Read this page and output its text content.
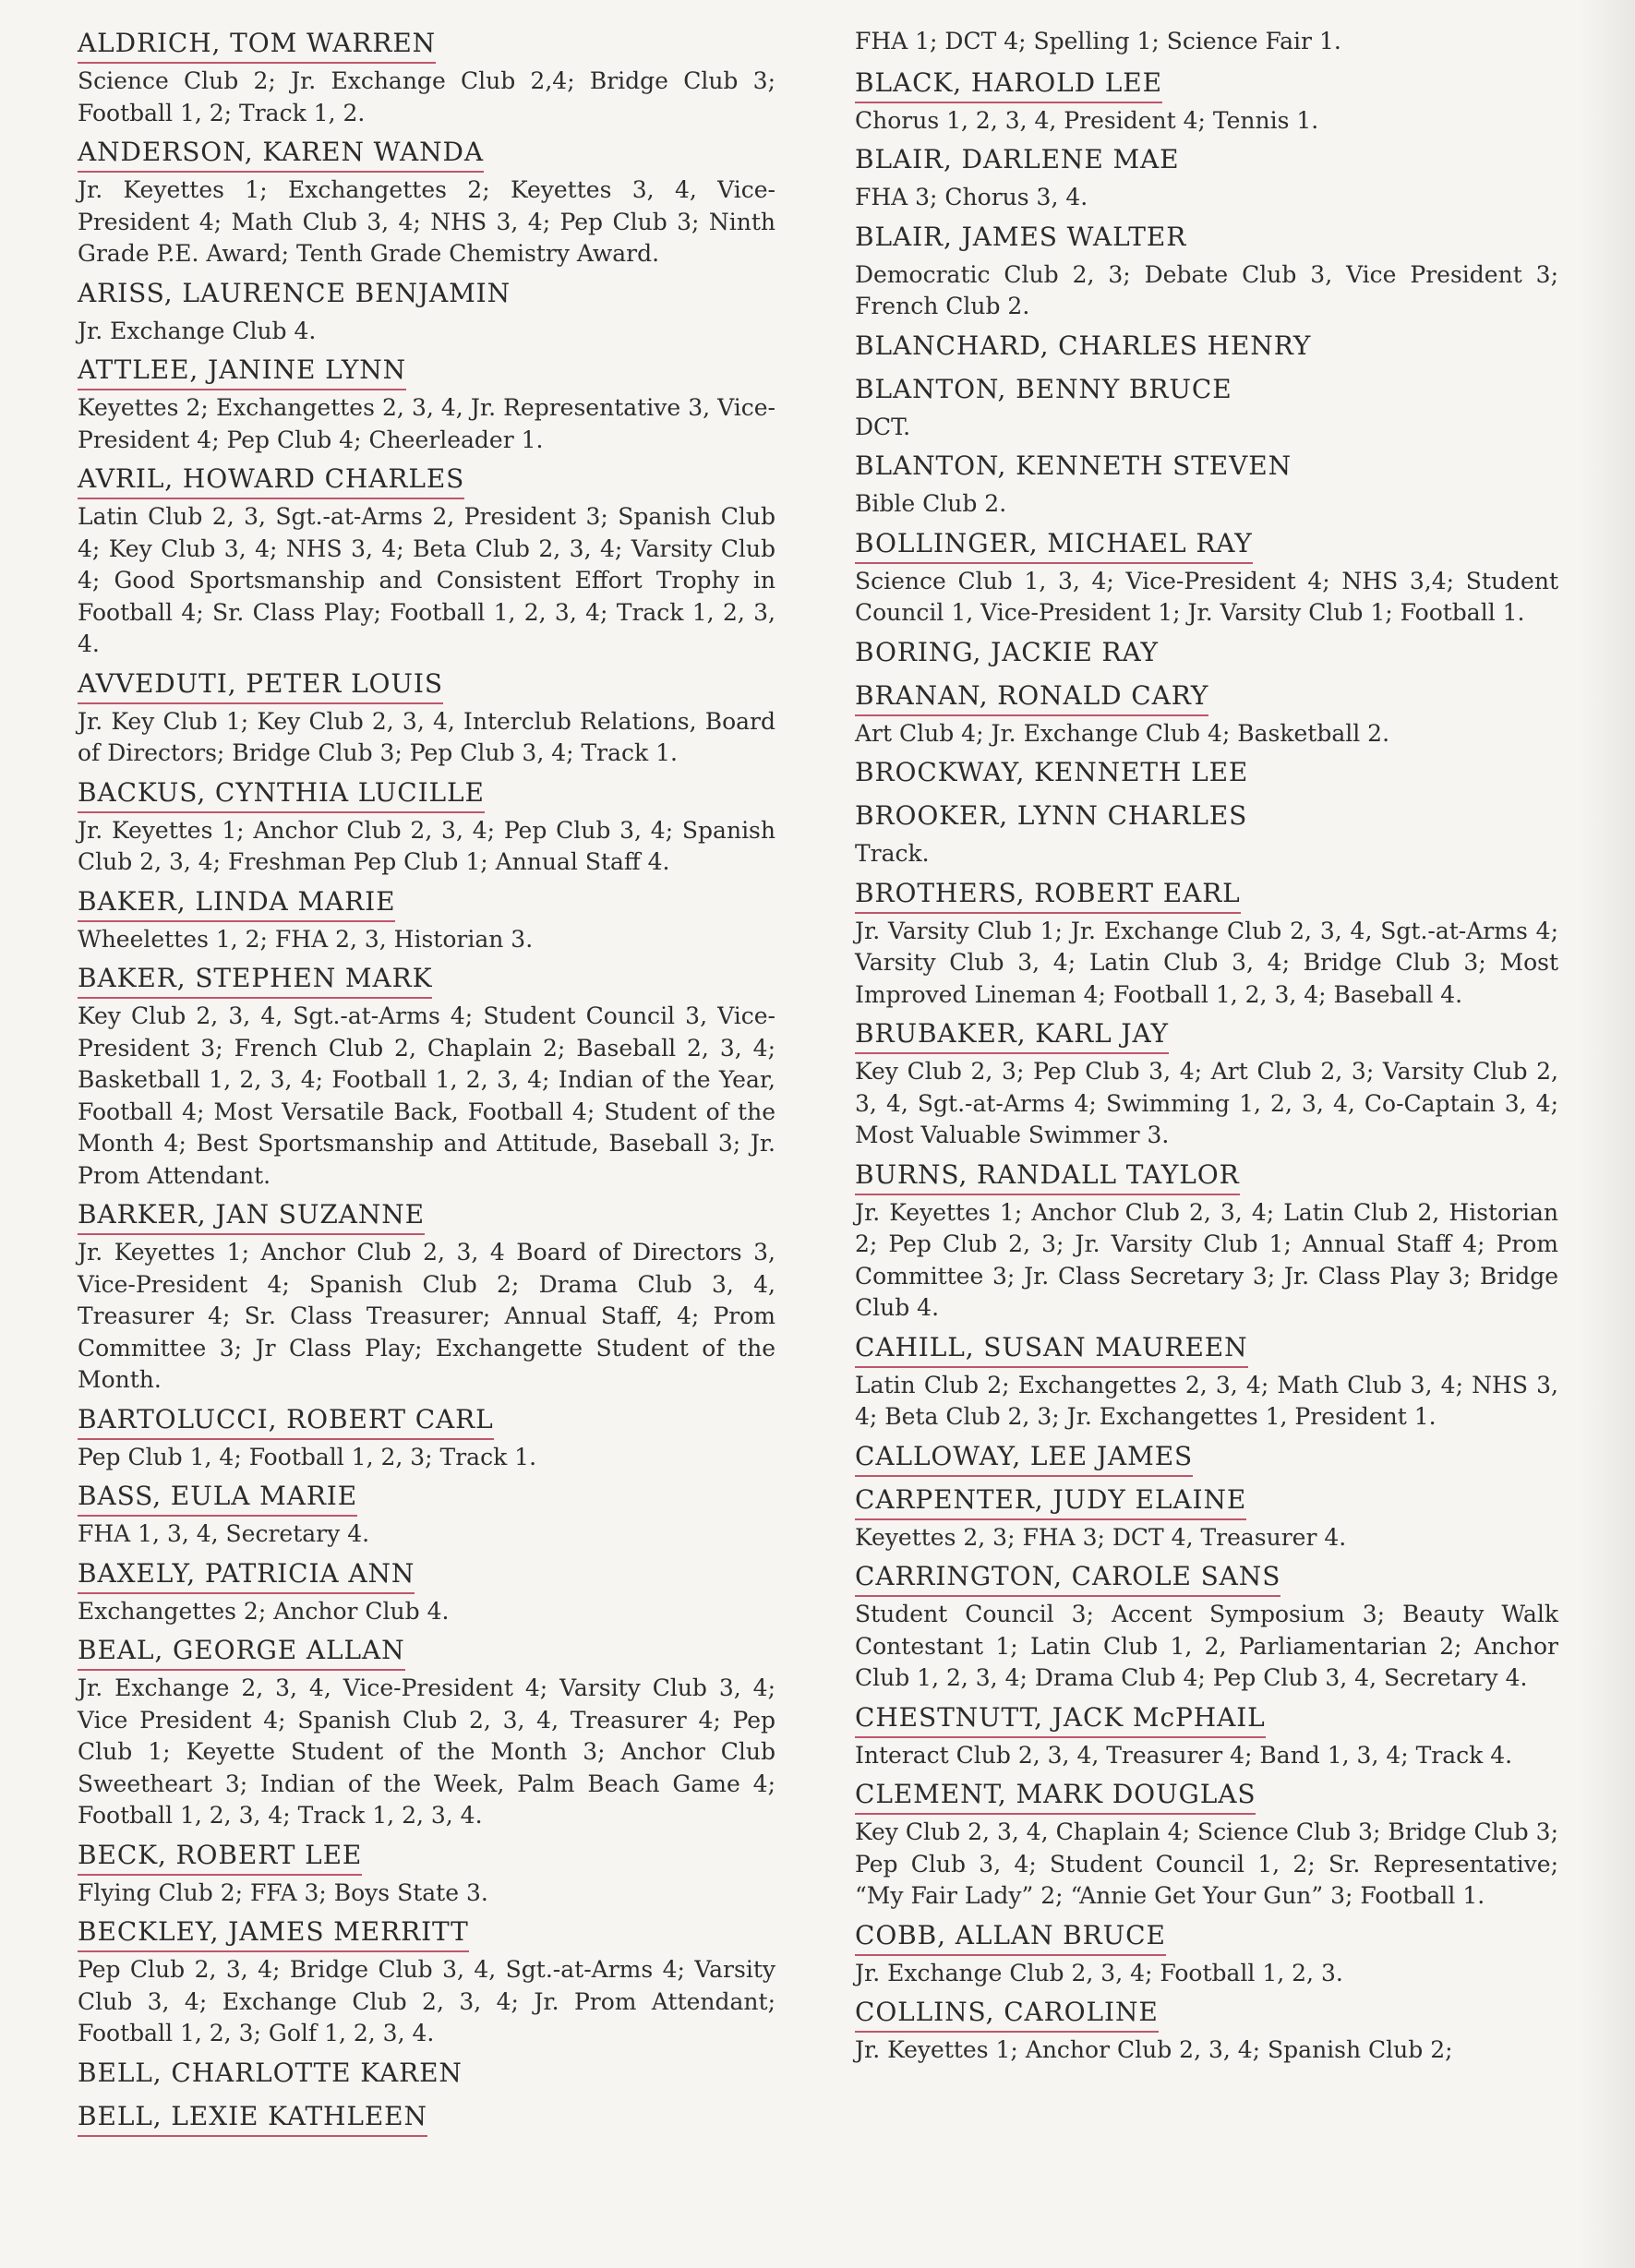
ALDRICH, TOM WARREN
Science Club 2; Jr. Exchange Club 2,4; Bridge Club 3; Football 1, 2; Track 1, 2.
ANDERSON, KAREN WANDA
Jr. Keyettes 1; Exchangettes 2; Keyettes 3, 4, Vice-President 4; Math Club 3, 4; NHS 3, 4; Pep Club 3; Ninth Grade P.E. Award; Tenth Grade Chemistry Award.
ARISS, LAURENCE BENJAMIN
Jr. Exchange Club 4.
ATTLEE, JANINE LYNN
Keyettes 2; Exchangettes 2, 3, 4, Jr. Representative 3, Vice-President 4; Pep Club 4; Cheerleader 1.
AVRIL, HOWARD CHARLES
Latin Club 2, 3, Sgt.-at-Arms 2, President 3; Spanish Club 4; Key Club 3, 4; NHS 3, 4; Beta Club 2, 3, 4; Varsity Club 4; Good Sportsmanship and Consistent Effort Trophy in Football 4; Sr. Class Play; Football 1, 2, 3, 4; Track 1, 2, 3, 4.
AVVEDUTI, PETER LOUIS
Jr. Key Club 1; Key Club 2, 3, 4, Interclub Relations, Board of Directors; Bridge Club 3; Pep Club 3, 4; Track 1.
BACKUS, CYNTHIA LUCILLE
Jr. Keyettes 1; Anchor Club 2, 3, 4; Pep Club 3, 4; Spanish Club 2, 3, 4; Freshman Pep Club 1; Annual Staff 4.
BAKER, LINDA MARIE
Wheelettes 1, 2; FHA 2, 3, Historian 3.
BAKER, STEPHEN MARK
Key Club 2, 3, 4, Sgt.-at-Arms 4; Student Council 3, Vice-President 3; French Club 2, Chaplain 2; Baseball 2, 3, 4; Basketball 1, 2, 3, 4; Football 1, 2, 3, 4; Indian of the Year, Football 4; Most Versatile Back, Football 4; Student of the Month 4; Best Sportsmanship and Attitude, Baseball 3; Jr. Prom Attendant.
BARKER, JAN SUZANNE
Jr. Keyettes 1; Anchor Club 2, 3, 4 Board of Directors 3, Vice-President 4; Spanish Club 2; Drama Club 3, 4, Treasurer 4; Sr. Class Treasurer; Annual Staff, 4; Prom Committee 3; Jr Class Play; Exchangette Student of the Month.
BARTOLUCCI, ROBERT CARL
Pep Club 1, 4; Football 1, 2, 3; Track 1.
BASS, EULA MARIE
FHA 1, 3, 4, Secretary 4.
BAXELY, PATRICIA ANN
Exchangettes 2; Anchor Club 4.
BEAL, GEORGE ALLAN
Jr. Exchange 2, 3, 4, Vice-President 4; Varsity Club 3, 4; Vice President 4; Spanish Club 2, 3, 4, Treasurer 4; Pep Club 1; Keyette Student of the Month 3; Anchor Club Sweetheart 3; Indian of the Week, Palm Beach Game 4; Football 1, 2, 3, 4; Track 1, 2, 3, 4.
BECK, ROBERT LEE
Flying Club 2; FFA 3; Boys State 3.
BECKLEY, JAMES MERRITT
Pep Club 2, 3, 4; Bridge Club 3, 4, Sgt.-at-Arms 4; Varsity Club 3, 4; Exchange Club 2, 3, 4; Jr. Prom Attendant; Football 1, 2, 3; Golf 1, 2, 3, 4.
BELL, CHARLOTTE KAREN
BELL, LEXIE KATHLEEN
FHA 1; DCT 4; Spelling 1; Science Fair 1.
BLACK, HAROLD LEE
Chorus 1, 2, 3, 4, President 4; Tennis 1.
BLAIR, DARLENE MAE
FHA 3; Chorus 3, 4.
BLAIR, JAMES WALTER
Democratic Club 2, 3; Debate Club 3, Vice President 3; French Club 2.
BLANCHARD, CHARLES HENRY
BLANTON, BENNY BRUCE
DCT.
BLANTON, KENNETH STEVEN
Bible Club 2.
BOLLINGER, MICHAEL RAY
Science Club 1, 3, 4; Vice-President 4; NHS 3,4; Student Council 1, Vice-President 1; Jr. Varsity Club 1; Football 1.
BORING, JACKIE RAY
BRANAN, RONALD CARY
Art Club 4; Jr. Exchange Club 4; Basketball 2.
BROCKWAY, KENNETH LEE
BROOKER, LYNN CHARLES
Track.
BROTHERS, ROBERT EARL
Jr. Varsity Club 1; Jr. Exchange Club 2, 3, 4, Sgt.-at-Arms 4; Varsity Club 3, 4; Latin Club 3, 4; Bridge Club 3; Most Improved Lineman 4; Football 1, 2, 3, 4; Baseball 4.
BRUBAKER, KARL JAY
Key Club 2, 3; Pep Club 3, 4; Art Club 2, 3; Varsity Club 2, 3, 4, Sgt.-at-Arms 4; Swimming 1, 2, 3, 4, Co-Captain 3, 4; Most Valuable Swimmer 3.
BURNS, RANDALL TAYLOR
Jr. Keyettes 1; Anchor Club 2, 3, 4; Latin Club 2, Historian 2; Pep Club 2, 3; Jr. Varsity Club 1; Annual Staff 4; Prom Committee 3; Jr. Class Secretary 3; Jr. Class Play 3; Bridge Club 4.
CAHILL, SUSAN MAUREEN
Latin Club 2; Exchangettes 2, 3, 4; Math Club 3, 4; NHS 3, 4; Beta Club 2, 3; Jr. Exchangettes 1, President 1.
CALLOWAY, LEE JAMES
CARPENTER, JUDY ELAINE
Keyettes 2, 3; FHA 3; DCT 4, Treasurer 4.
CARRINGTON, CAROLE SANS
Student Council 3; Accent Symposium 3; Beauty Walk Contestant 1; Latin Club 1, 2, Parliamentarian 2; Anchor Club 1, 2, 3, 4; Drama Club 4; Pep Club 3, 4, Secretary 4.
CHESTNUTT, JACK McPHAIL
Interact Club 2, 3, 4, Treasurer 4; Band 1, 3, 4; Track 4.
CLEMENT, MARK DOUGLAS
Key Club 2, 3, 4, Chaplain 4; Science Club 3; Bridge Club 3; Pep Club 3, 4; Student Council 1, 2; Sr. Representative; “My Fair Lady” 2; “Annie Get Your Gun” 3; Football 1.
COBB, ALLAN BRUCE
Jr. Exchange Club 2, 3, 4; Football 1, 2, 3.
COLLINS, CAROLINE
Jr. Keyettes 1; Anchor Club 2, 3, 4; Spanish Club 2;
